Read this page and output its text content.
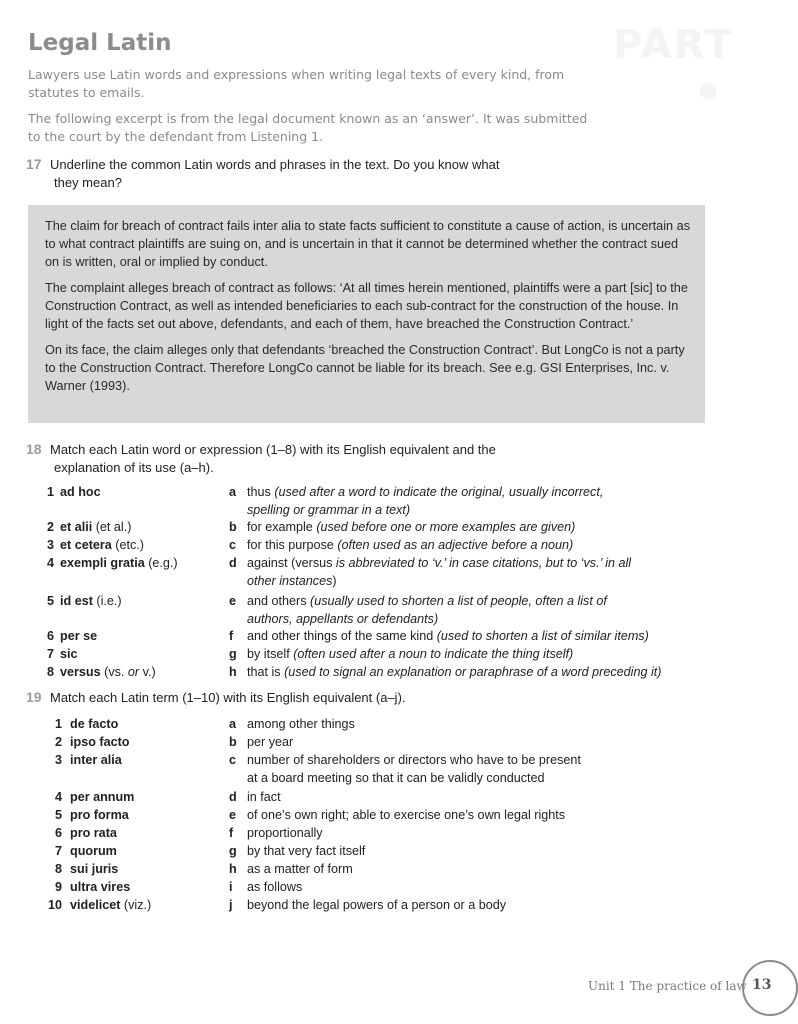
PART
●
Legal Latin

Lawyers use Latin words and expressions when writing legal texts of every kind, from statutes to emails.

The following excerpt is from the legal document known as an ‘answer’. It was submitted to the court by the defendant from Listening 1.

17 Underline the common Latin words and phrases in the text. Do you know what
they mean?

The claim for breach of contract fails inter alia to state facts sufficient to constitute a cause of action, is uncertain as to what contract plaintiffs are suing on, and is uncertain in that it cannot be determined whether the contract sued on is written, oral or implied by conduct.

The complaint alleges breach of contract as follows: ‘At all times herein mentioned, plaintiffs were a part [sic] to the Construction Contract, as well as intended beneficiaries to each sub-contract for the construction of the house. In light of the facts set out above, defendants, and each of them, have breached the Construction Contract.’

On its face, the claim alleges only that defendants ‘breached the Construction Contract’. But LongCo is not a party to the Construction Contract. Therefore LongCo cannot be liable for its breach. See e.g. GSI Enterprises, Inc. v. Warner (1993).

18 Match each Latin word or expression (1–8) with its English equivalent and the
explanation of its use (a–h).
1 ad hoc
2 et alii (et al.)
3 et cetera (etc.)
4 exempli gratia (e.g.)
5 id est (i.e.)
6 per se
7 sic
8 versus (vs. or v.)
a thus (used after a word to indicate the original, usually incorrect,
spelling or grammar in a text)
b for example (used before one or more examples are given)
c for this purpose (often used as an adjective before a noun)
d against (versus is abbreviated to ‘v.’ in case citations, but to ‘vs.’ in all
other instances)
e and others (usually used to shorten a list of people, often a list of
authors, appellants or defendants)
f and other things of the same kind (used to shorten a list of similar items)
g by itself (often used after a noun to indicate the thing itself)
h that is (used to signal an explanation or paraphrase of a word preceding it)
19 Match each Latin term (1–10) with its English equivalent (a–j).
1 de facto
2 ipso facto
3 inter alia
4 per annum
5 pro forma
6 pro rata
7 quorum
8 sui juris
9 ultra vires
10 videlicet (viz.)
a among other things
b per year
c number of shareholders or directors who have to be present
at a board meeting so that it can be validly conducted
d in fact
e of one’s own right; able to exercise one’s own legal rights
f proportionally
g by that very fact itself
h as a matter of form
i as follows
j beyond the legal powers of a person or a body
Unit 1 The practice of law 13
